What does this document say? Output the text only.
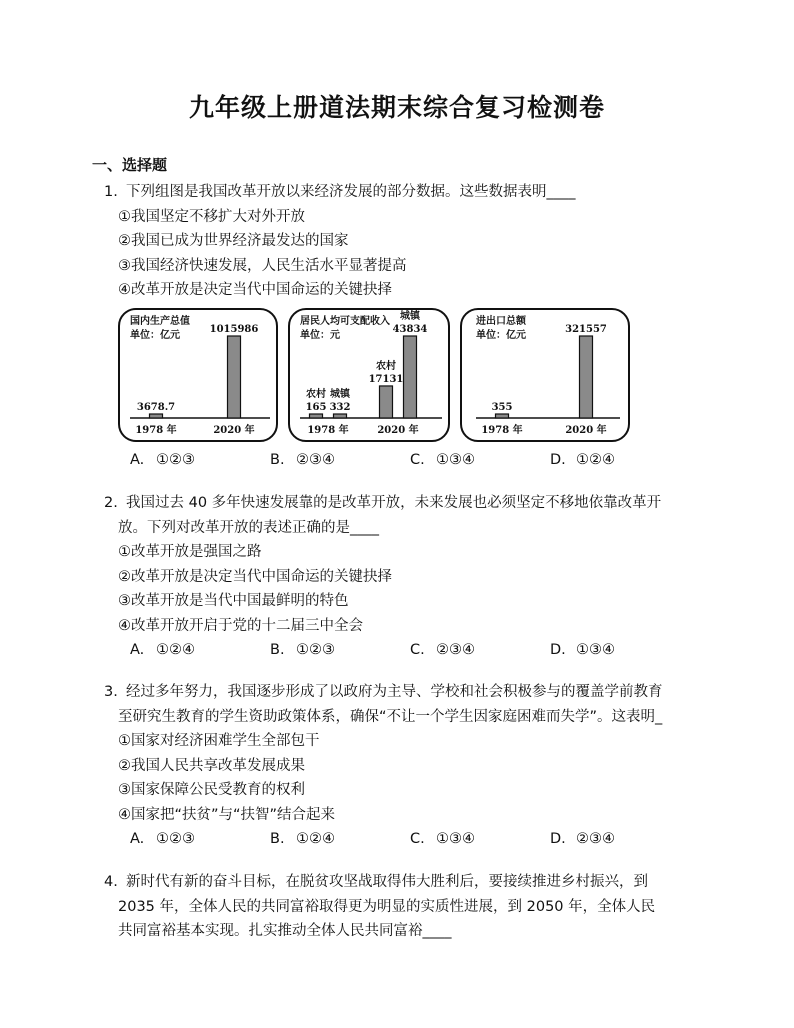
九年级上册道法期末综合复习检测卷
一、选择题

1. 下列组图是我国改革开放以来经济发展的部分数据。这些数据表明____

①我国坚定不移扩大对外开放
②我国已成为世界经济最发达的国家
③我国经济快速发展，人民生活水平显著提高
④改革开放是决定当代中国命运的关键抉择
国内生产总值
单位：亿元
3678.7
1978 年
1015986
2020 年
居民人均可支配收入
单位：元
165
农村
332
城镇
1978 年
17131
农村
43834
城镇
2020 年
进出口总额
单位：亿元
355
1978 年
321557
2020 年
A. ①②③	B. ②③④	C. ①③④	D. ①②④

2. 我国过去 40 多年快速发展靠的是改革开放，未来发展也必须坚定不移地依靠改革开

放。下列对改革开放的表述正确的是____
①改革开放是强国之路
②改革开放是决定当代中国命运的关键抉择
③改革开放是当代中国最鲜明的特色
④改革开放开启于党的十二届三中全会
A. ①②④	B. ①②③	C. ②③④	D. ①③④

3. 经过多年努力，我国逐步形成了以政府为主导、学校和社会积极参与的覆盖学前教育

至研究生教育的学生资助政策体系，确保“不让一个学生因家庭困难而失学”。这表明_
①国家对经济困难学生全部包干
②我国人民共享改革发展成果
③国家保障公民受教育的权利
④国家把“扶贫”与“扶智”结合起来
A. ①②③	B. ①②④	C. ①③④	D. ②③④

4. 新时代有新的奋斗目标，在脱贫攻坚战取得伟大胜利后，要接续推进乡村振兴，到

2035 年，全体人民的共同富裕取得更为明显的实质性进展，到 2050 年，全体人民
共同富裕基本实现。扎实推动全体人民共同富裕____
